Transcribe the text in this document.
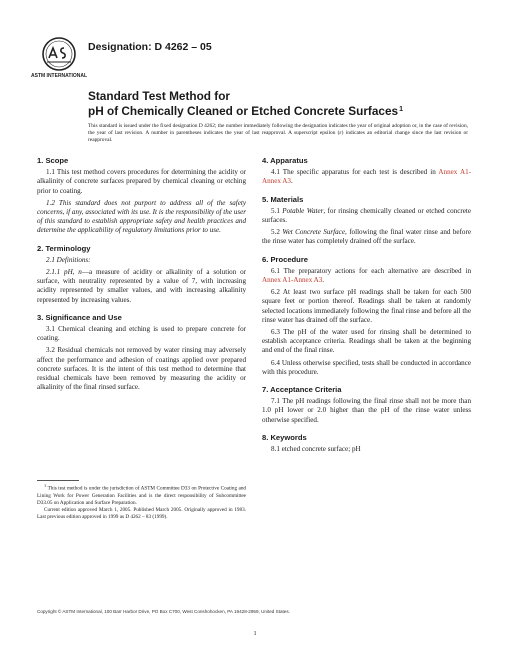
ASTM INTERNATIONAL
Designation: D 4262 – 05

Standard Test Method for

pH of Chemically Cleaned or Etched Concrete Surfaces$^1$

This standard is issued under the fixed designation D 4262; the number immediately following the designation indicates the year of original adoption or, in the case of revision, the year of last revision. A number in parentheses indicates the year of last reapproval. A superscript epsilon (ε) indicates an editorial change since the last revision or reapproval.

1. Scope

1.1 This test method covers procedures for determining the acidity or alkalinity of concrete surfaces prepared by chemical cleaning or etching prior to coating.

1.2 This standard does not purport to address all of the safety concerns, if any, associated with its use. It is the responsibility of the user of this standard to establish appropriate safety and health practices and determine the applicability of regulatory limitations prior to use.

2. Terminology

2.1 Definitions:

2.1.1 pH, n—a measure of acidity or alkalinity of a solution or surface, with neutrality represented by a value of 7, with increasing acidity represented by smaller values, and with increasing alkalinity represented by increasing values.

3. Significance and Use

3.1 Chemical cleaning and etching is used to prepare concrete for coating.

3.2 Residual chemicals not removed by water rinsing may adversely affect the performance and adhesion of coatings applied over prepared concrete surfaces. It is the intent of this test method to determine that residual chemicals have been removed by measuring the acidity or alkalinity of the final rinsed surface.

4. Apparatus

4.1 The specific apparatus for each test is described in Annex A1-Annex A3.

5. Materials

5.1 Potable Water, for rinsing chemically cleaned or etched concrete surfaces.

5.2 Wet Concrete Surface, following the final water rinse and before the rinse water has completely drained off the surface.

6. Procedure

6.1 The preparatory actions for each alternative are described in Annex A1-Annex A3.

6.2 At least two surface pH readings shall be taken for each 500 square feet or portion thereof. Readings shall be taken at randomly selected locations immediately following the final rinse and before all the rinse water has drained off the surface.

6.3 The pH of the water used for rinsing shall be determined to establish acceptance criteria. Readings shall be taken at the beginning and end of the final rinse.

6.4 Unless otherwise specified, tests shall be conducted in accordance with this procedure.

7. Acceptance Criteria

7.1 The pH readings following the final rinse shall not be more than 1.0 pH lower or 2.0 higher than the pH of the rinse water unless otherwise specified.

8. Keywords

8.1 etched concrete surface; pH

$^1$ This test method is under the jurisdiction of ASTM Committee D33 on Protective Coating and Lining Work for Power Generation Facilities and is the direct responsibility of Subcommittee D33.05 on Application and Surface Preparation.

Current edition approved March 1, 2005. Published March 2005. Originally approved in 1983. Last previous edition approved in 1999 as D 4262 – 83 (1999).

Copyright © ASTM International, 100 Barr Harbor Drive, PO Box C700, West Conshohocken, PA 19428-2959, United States.
1
